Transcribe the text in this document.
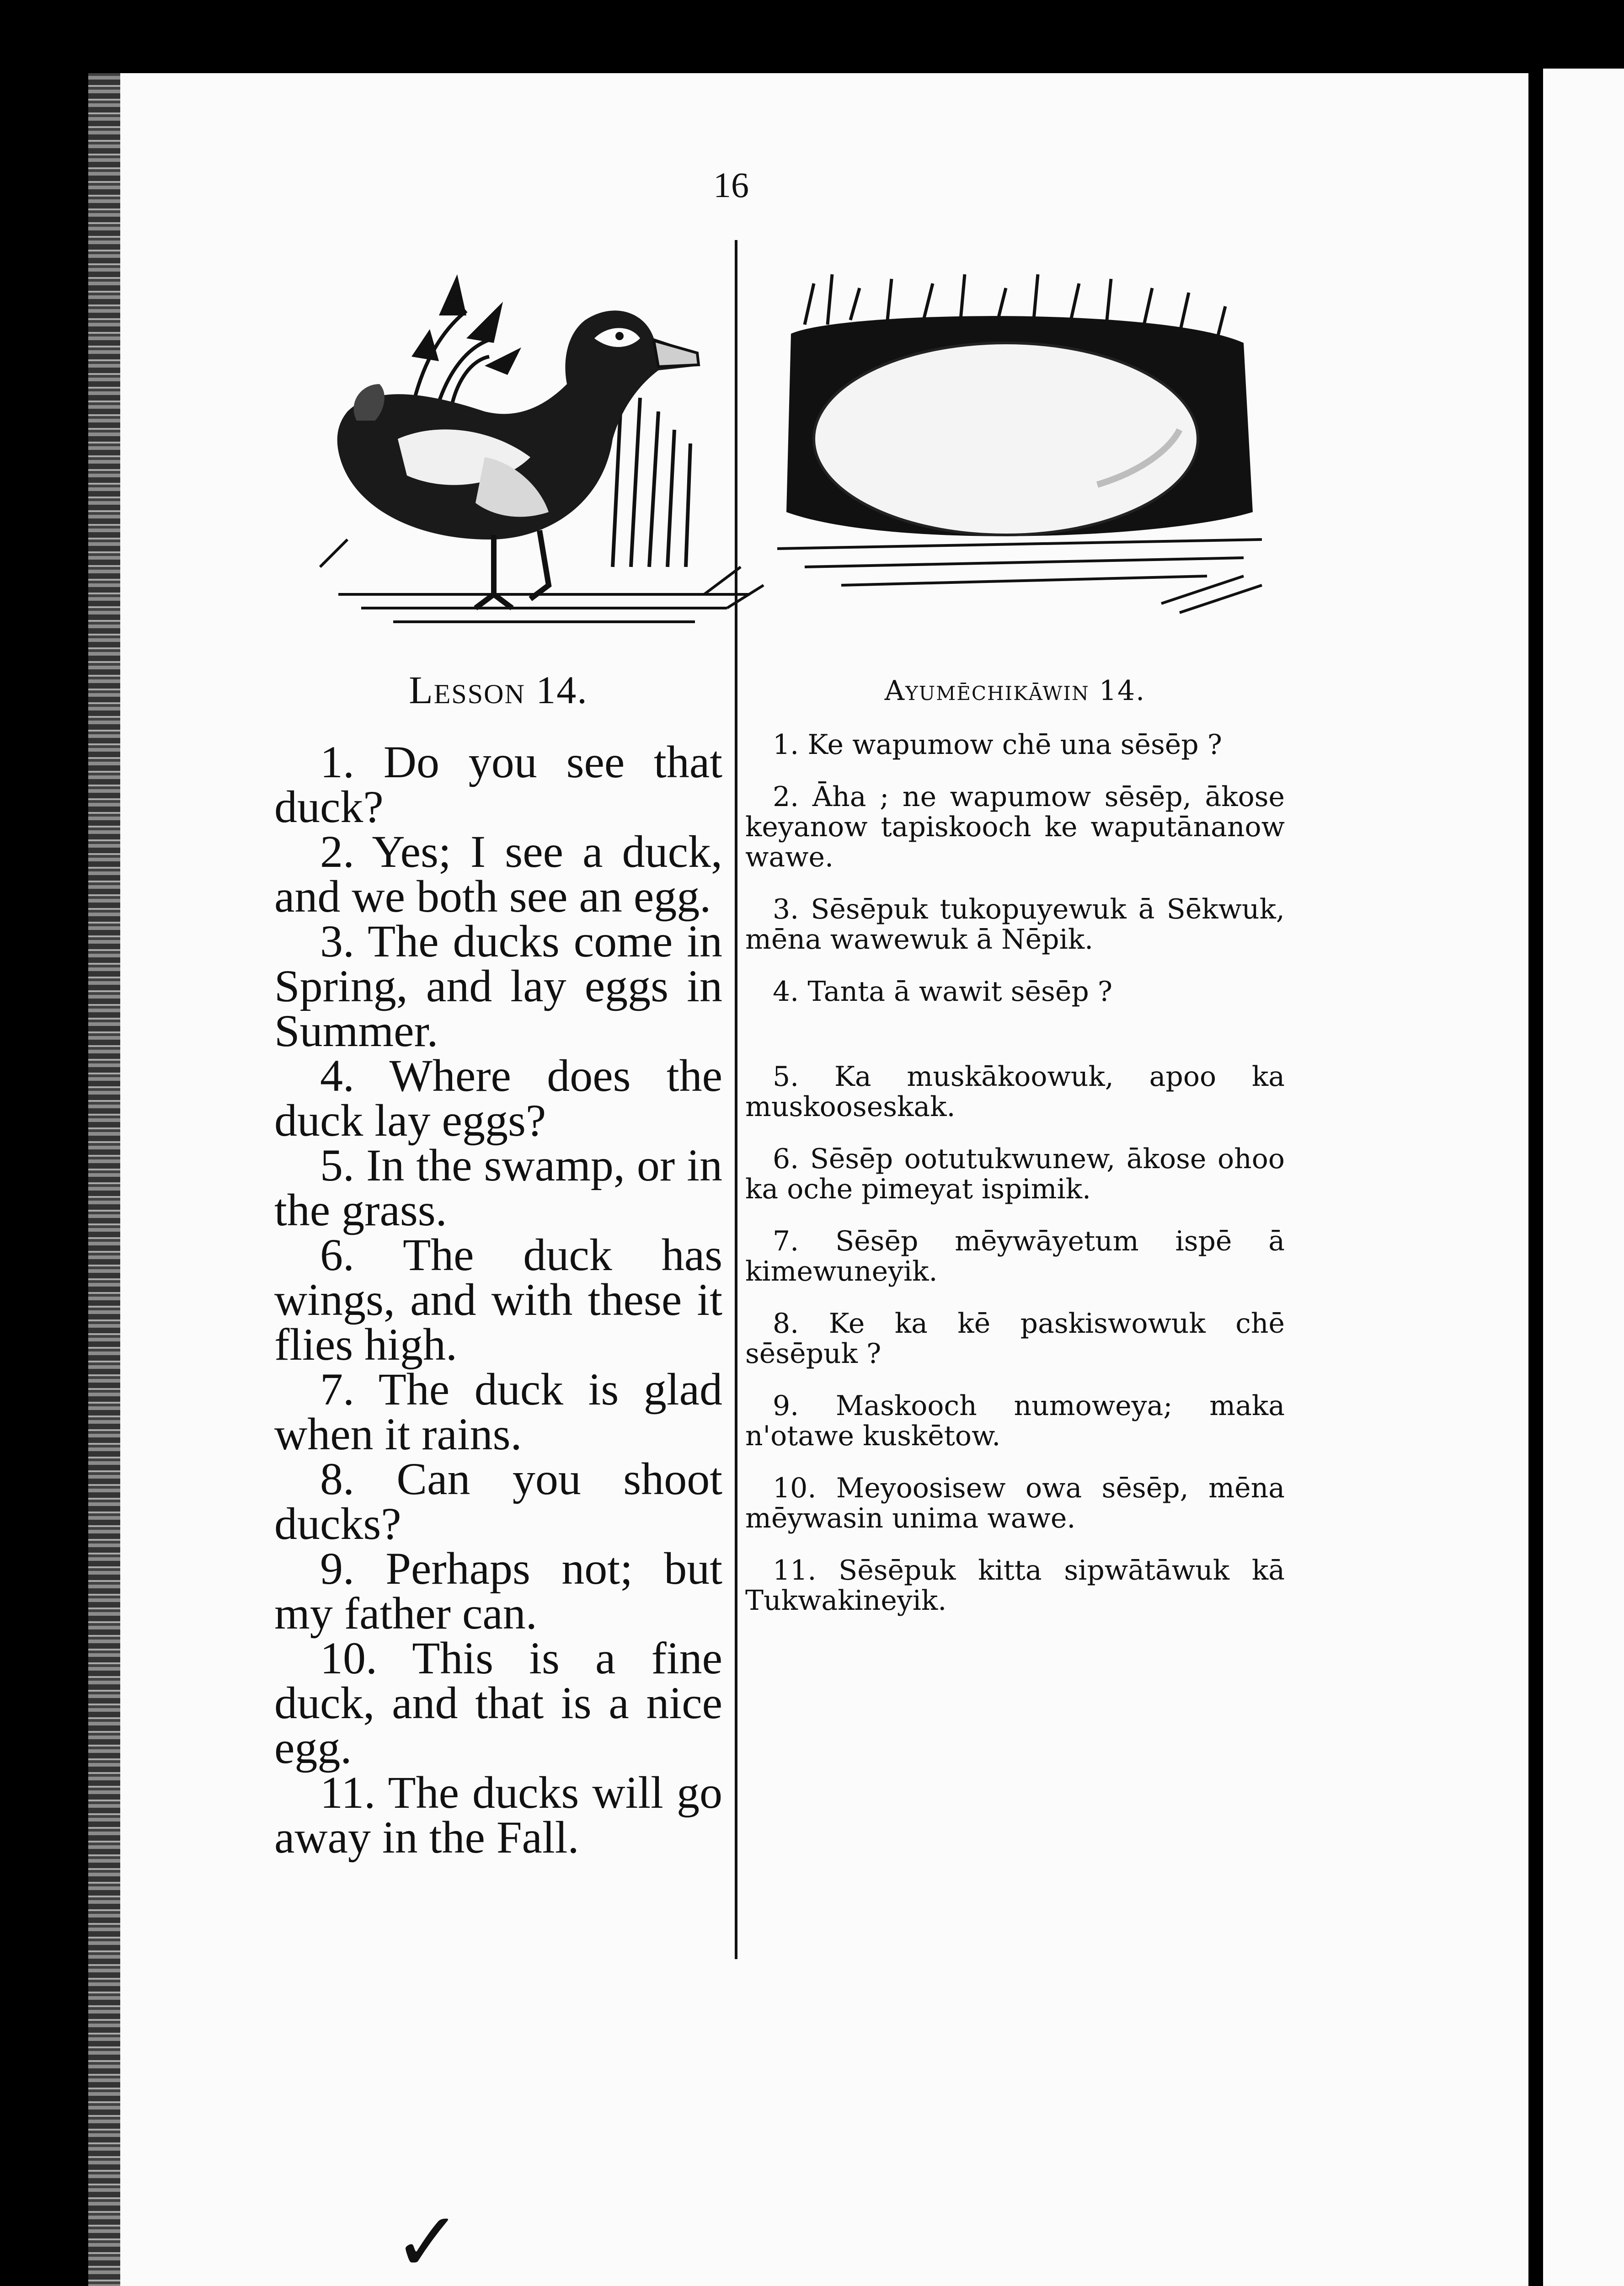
16
Lesson 14.

1. Do you see that duck?

2. Yes; I see a duck, and we both see an egg.

3. The ducks come in Spring, and lay eggs in Summer.

4. Where does the duck lay eggs?

5. In the swamp, or in the grass.

6. The duck has wings, and with these it flies high.

7. The duck is glad when it rains.

8. Can you shoot ducks?

9. Perhaps not; but my father can.

10. This is a fine duck, and that is a nice egg.

11. The ducks will go away in the Fall.

Ayumēchikāwin 14.

1. Ke wapumow chē una sēsēp ?

2. Āha ; ne wapumow sēsēp, ākose keyanow tapiskooch ke waputānanow wawe.

3. Sēsēpuk tukopuyewuk ā Sēkwuk, mēna wawewuk ā Nēpik.

4. Tanta ā wawit sēsēp ?

5. Ka muskākoowuk, apoo ka muskooseskak.

6. Sēsēp ootutukwunew, ākose ohoo ka oche pimeyat ispimik.

7. Sēsēp mēywāyetum ispē ā kimewuneyik.

8. Ke ka kē paskiswowuk chē sēsēpuk ?

9. Maskooch numoweya; maka n'otawe kuskētow.

10. Meyoosisew owa sēsēp, mēna mēywasin unima wawe.

11. Sēsēpuk kitta sipwātāwuk kā Tukwakineyik.

✓
